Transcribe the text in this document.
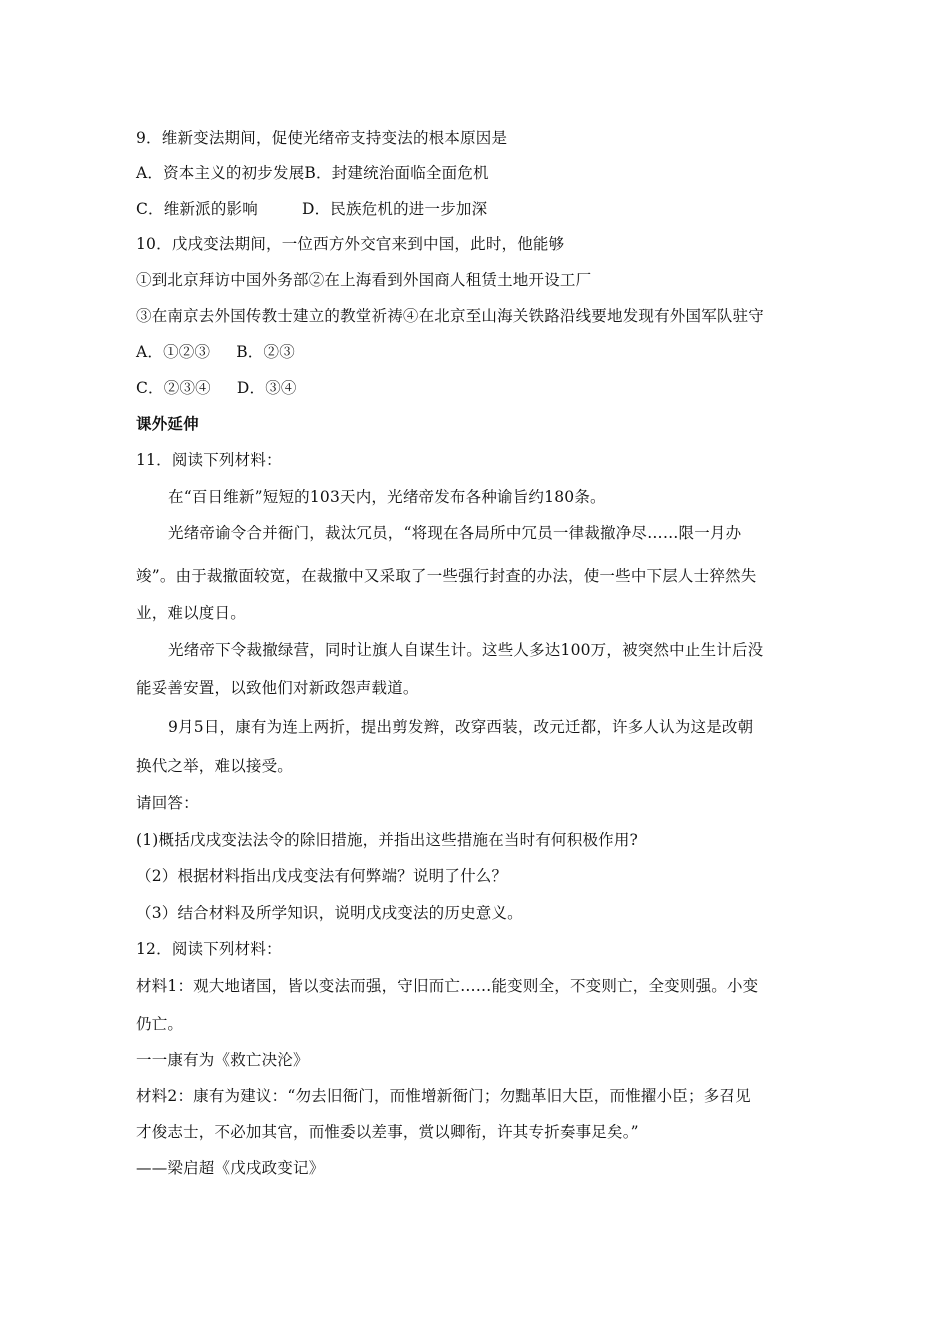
9．维新变法期间，促使光绪帝支持变法的根本原因是
A．资本主义的初步发展B．封建统治面临全面危机
C．维新派的影响	D．民族危机的进一步加深
10．戊戌变法期间，一位西方外交官来到中国，此时，他能够
①到北京拜访中国外务部②在上海看到外国商人租赁土地开设工厂
③在南京去外国传教士建立的教堂祈祷④在北京至山海关铁路沿线要地发现有外国军队驻守
A．①②③ B．②③
C．②③④ D．③④
课外延伸
11．阅读下列材料：
在“百日维新”短短的103天内，光绪帝发布各种谕旨约180条。
光绪帝谕令合并衙门，裁汰冗员，“将现在各局所中冗员一律裁撤净尽……限一月办
竣”。由于裁撤面较宽，在裁撤中又采取了一些强行封查的办法，使一些中下层人士猝然失
业，难以度日。
光绪帝下令裁撤绿营，同时让旗人自谋生计。这些人多达100万，被突然中止生计后没
能妥善安置，以致他们对新政怨声载道。
9月5日，康有为连上两折，提出剪发辫，改穿西装，改元迁都，许多人认为这是改朝
换代之举，难以接受。
请回答：
(1)概括戊戌变法法令的除旧措施，并指出这些措施在当时有何积极作用?
（2）根据材料指出戊戌变法有何弊端？说明了什么？
（3）结合材料及所学知识，说明戊戌变法的历史意义。
12．阅读下列材料：
材料1：观大地诸国，皆以变法而强，守旧而亡……能变则全，不变则亡，全变则强。小变
仍亡。
一一康有为《救亡决沦》
材料2：康有为建议：“勿去旧衙门，而惟增新衙门；勿黜革旧大臣，而惟擢小臣；多召见
才俊志士，不必加其官，而惟委以差事，赏以卿衔，许其专折奏事足矣。”
——梁启超《戊戌政变记》
